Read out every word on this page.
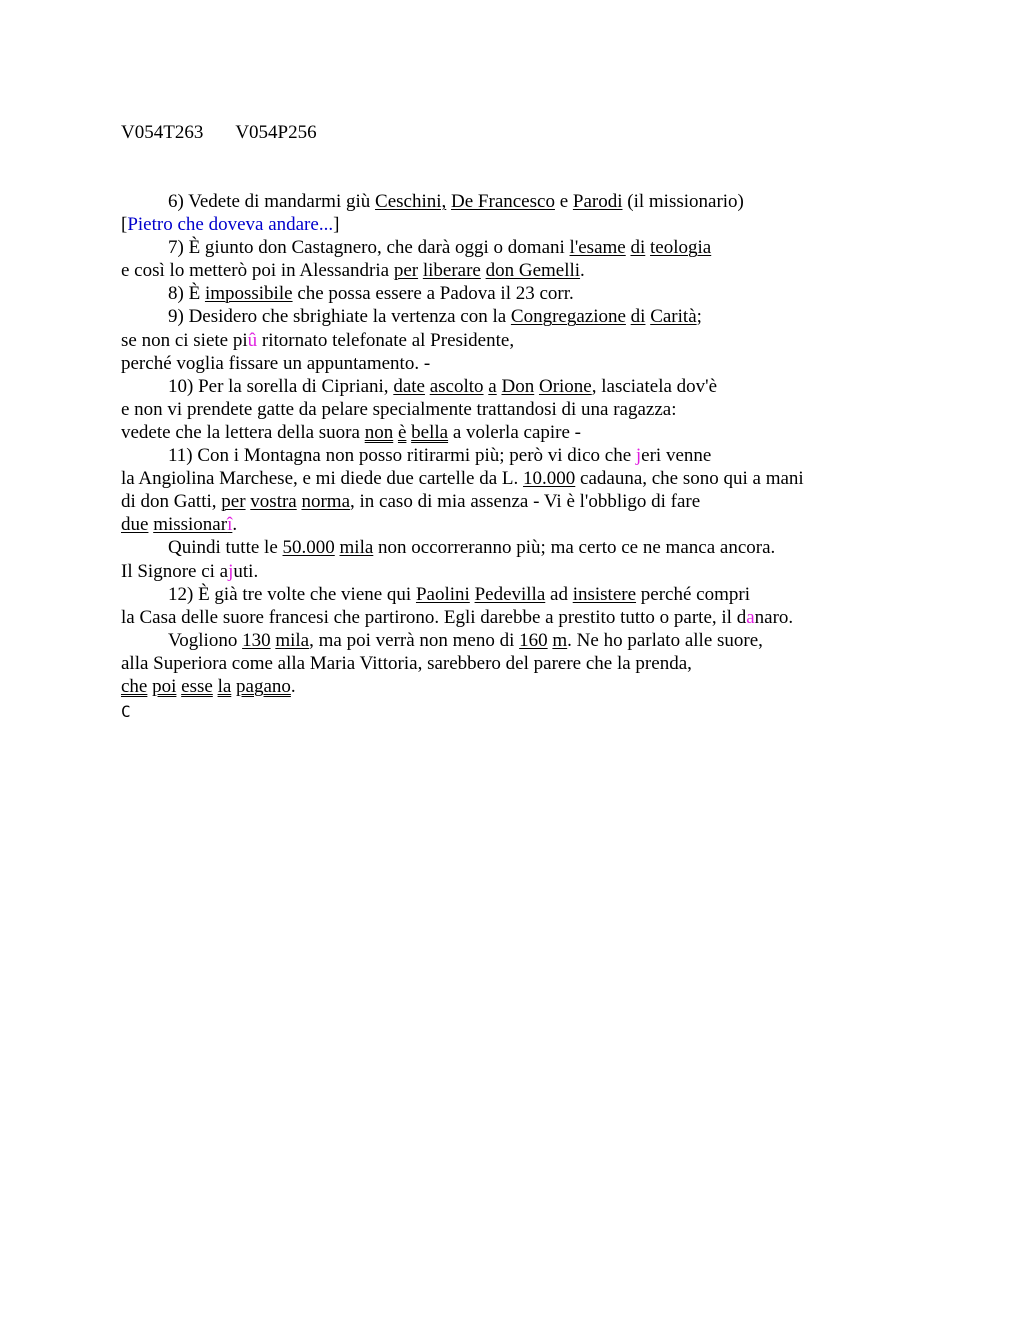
V054T263 V054P256
6) Vedete di mandarmi giù Ceschini, De Francesco e Parodi (il missionario)
[Pietro che doveva andare...]
7) È giunto don Castagnero, che darà oggi o domani l'esame di teologia
e così lo metterò poi in Alessandria per liberare don Gemelli.
8) È impossibile che possa essere a Padova il 23 corr.
9) Desidero che sbrighiate la vertenza con la Congregazione di Carità;
se non ci siete piû ritornato telefonate al Presidente,
perché voglia fissare un appuntamento. -
10) Per la sorella di Cipriani, date ascolto a Don Orione, lasciatela dov'è
e non vi prendete gatte da pelare specialmente trattandosi di una ragazza:
vedete che la lettera della suora non è bella a volerla capire -
11) Con i Montagna non posso ritirarmi più; però vi dico che jeri venne
la Angiolina Marchese, e mi diede due cartelle da L. 10.000 cadauna, che sono qui a mani
di don Gatti, per vostra norma, in caso di mia assenza - Vi è l'obbligo di fare
due missionarî.
Quindi tutte le 50.000 mila non occorreranno più; ma certo ce ne manca ancora.
Il Signore ci ajuti.
12) È già tre volte che viene qui Paolini Pedevilla ad insistere perché compri
la Casa delle suore francesi che partirono. Egli darebbe a prestito tutto o parte, il danaro.
Vogliono 130 mila, ma poi verrà non meno di 160 m. Ne ho parlato alle suore,
alla Superiora come alla Maria Vittoria, sarebbero del parere che la prenda,
che poi esse la pagano.
C
